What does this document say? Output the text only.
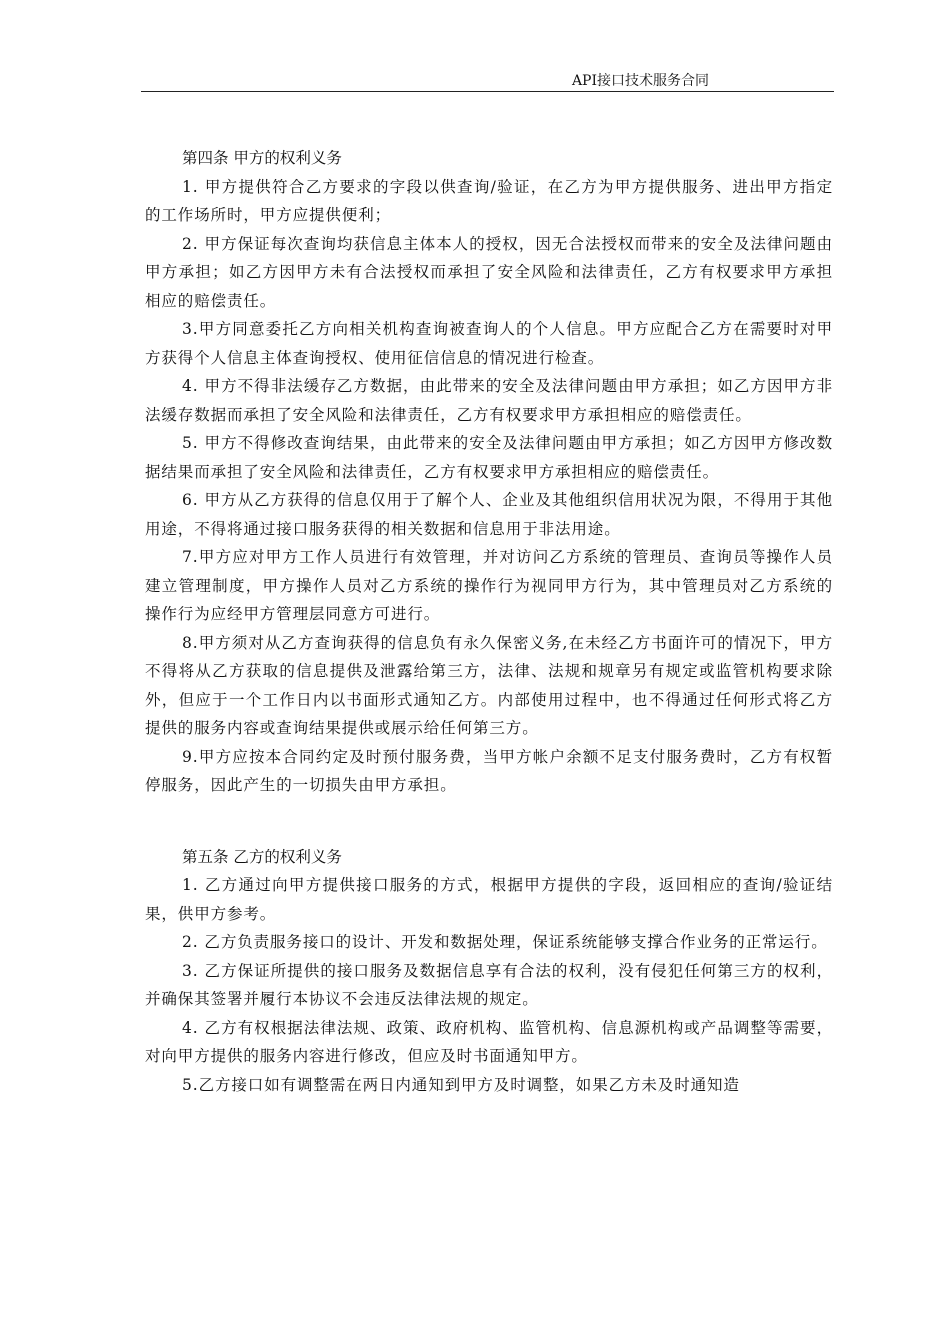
API接口技术服务合同

第四条 甲方的权利义务

1. 甲方提供符合乙方要求的字段以供查询/验证，在乙方为甲方提供服务、进出甲方指定的工作场所时，甲方应提供便利；

2. 甲方保证每次查询均获信息主体本人的授权，因无合法授权而带来的安全及法律问题由甲方承担；如乙方因甲方未有合法授权而承担了安全风险和法律责任，乙方有权要求甲方承担相应的赔偿责任。

3.甲方同意委托乙方向相关机构查询被查询人的个人信息。甲方应配合乙方在需要时对甲方获得个人信息主体查询授权、使用征信信息的情况进行检查。

4. 甲方不得非法缓存乙方数据，由此带来的安全及法律问题由甲方承担；如乙方因甲方非法缓存数据而承担了安全风险和法律责任，乙方有权要求甲方承担相应的赔偿责任。

5. 甲方不得修改查询结果，由此带来的安全及法律问题由甲方承担；如乙方因甲方修改数据结果而承担了安全风险和法律责任，乙方有权要求甲方承担相应的赔偿责任。

6. 甲方从乙方获得的信息仅用于了解个人、企业及其他组织信用状况为限，不得用于其他用途，不得将通过接口服务获得的相关数据和信息用于非法用途。

7.甲方应对甲方工作人员进行有效管理，并对访问乙方系统的管理员、查询员等操作人员建立管理制度，甲方操作人员对乙方系统的操作行为视同甲方行为，其中管理员对乙方系统的操作行为应经甲方管理层同意方可进行。

8.甲方须对从乙方查询获得的信息负有永久保密义务,在未经乙方书面许可的情况下，甲方不得将从乙方获取的信息提供及泄露给第三方，法律、法规和规章另有规定或监管机构要求除外，但应于一个工作日内以书面形式通知乙方。内部使用过程中，也不得通过任何形式将乙方提供的服务内容或查询结果提供或展示给任何第三方。

9.甲方应按本合同约定及时预付服务费，当甲方帐户余额不足支付服务费时，乙方有权暂停服务，因此产生的一切损失由甲方承担。

第五条 乙方的权利义务

1. 乙方通过向甲方提供接口服务的方式，根据甲方提供的字段，返回相应的查询/验证结果，供甲方参考。

2. 乙方负责服务接口的设计、开发和数据处理，保证系统能够支撑合作业务的正常运行。

3. 乙方保证所提供的接口服务及数据信息享有合法的权利，没有侵犯任何第三方的权利，并确保其签署并履行本协议不会违反法律法规的规定。

4. 乙方有权根据法律法规、政策、政府机构、监管机构、信息源机构或产品调整等需要，对向甲方提供的服务内容进行修改，但应及时书面通知甲方。

5.乙方接口如有调整需在两日内通知到甲方及时调整，如果乙方未及时通知造
